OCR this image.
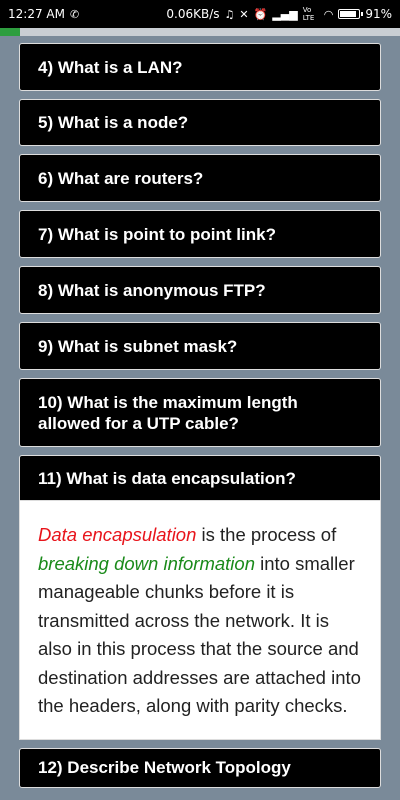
12:27 AM ✆	0.06KB/s ♫ ✕ ⏰ ▂▄▆ Vo LTE ◠	91%
4) What is a LAN?
5) What is a node?
6) What are routers?
7) What is point to point link?
8) What is anonymous FTP?
9) What is subnet mask?
10) What is the maximum length allowed for a UTP cable?
11) What is data encapsulation?
Data encapsulation is the process of breaking down information into smaller manageable chunks before it is transmitted across the network. It is also in this process that the source and destination addresses are attached into the headers, along with parity checks.
12) Describe Network Topology
